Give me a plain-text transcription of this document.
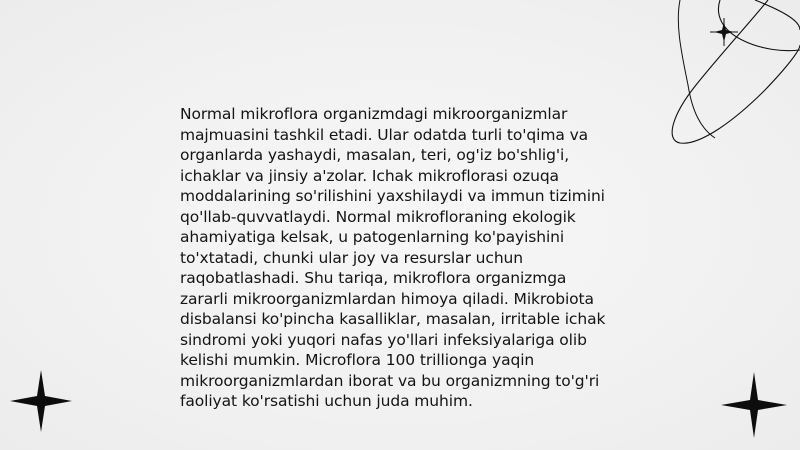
Normal mikroflora organizmdagi mikroorganizmlar majmuasini tashkil etadi. Ular odatda turli to'qima va organlarda yashaydi, masalan, teri, og'iz bo'shlig'i, ichaklar va jinsiy a'zolar. Ichak mikroflorasi ozuqa moddalarining so'rilishini yaxshilaydi va immun tizimini qo'llab-quvvatlaydi. Normal mikrofloraning ekologik ahamiyatiga kelsak, u patogenlarning ko'payishini to'xtatadi, chunki ular joy va resurslar uchun raqobatlashadi. Shu tariqa, mikroflora organizmga zararli mikroorganizmlardan himoya qiladi. Mikrobiota disbalansi ko'pincha kasalliklar, masalan, irritable ichak sindromi yoki yuqori nafas yo'llari infeksiyalariga olib kelishi mumkin. Microflora 100 trillionga yaqin mikroorganizmlardan iborat va bu organizmning to'g'ri faoliyat ko'rsatishi uchun juda muhim.
